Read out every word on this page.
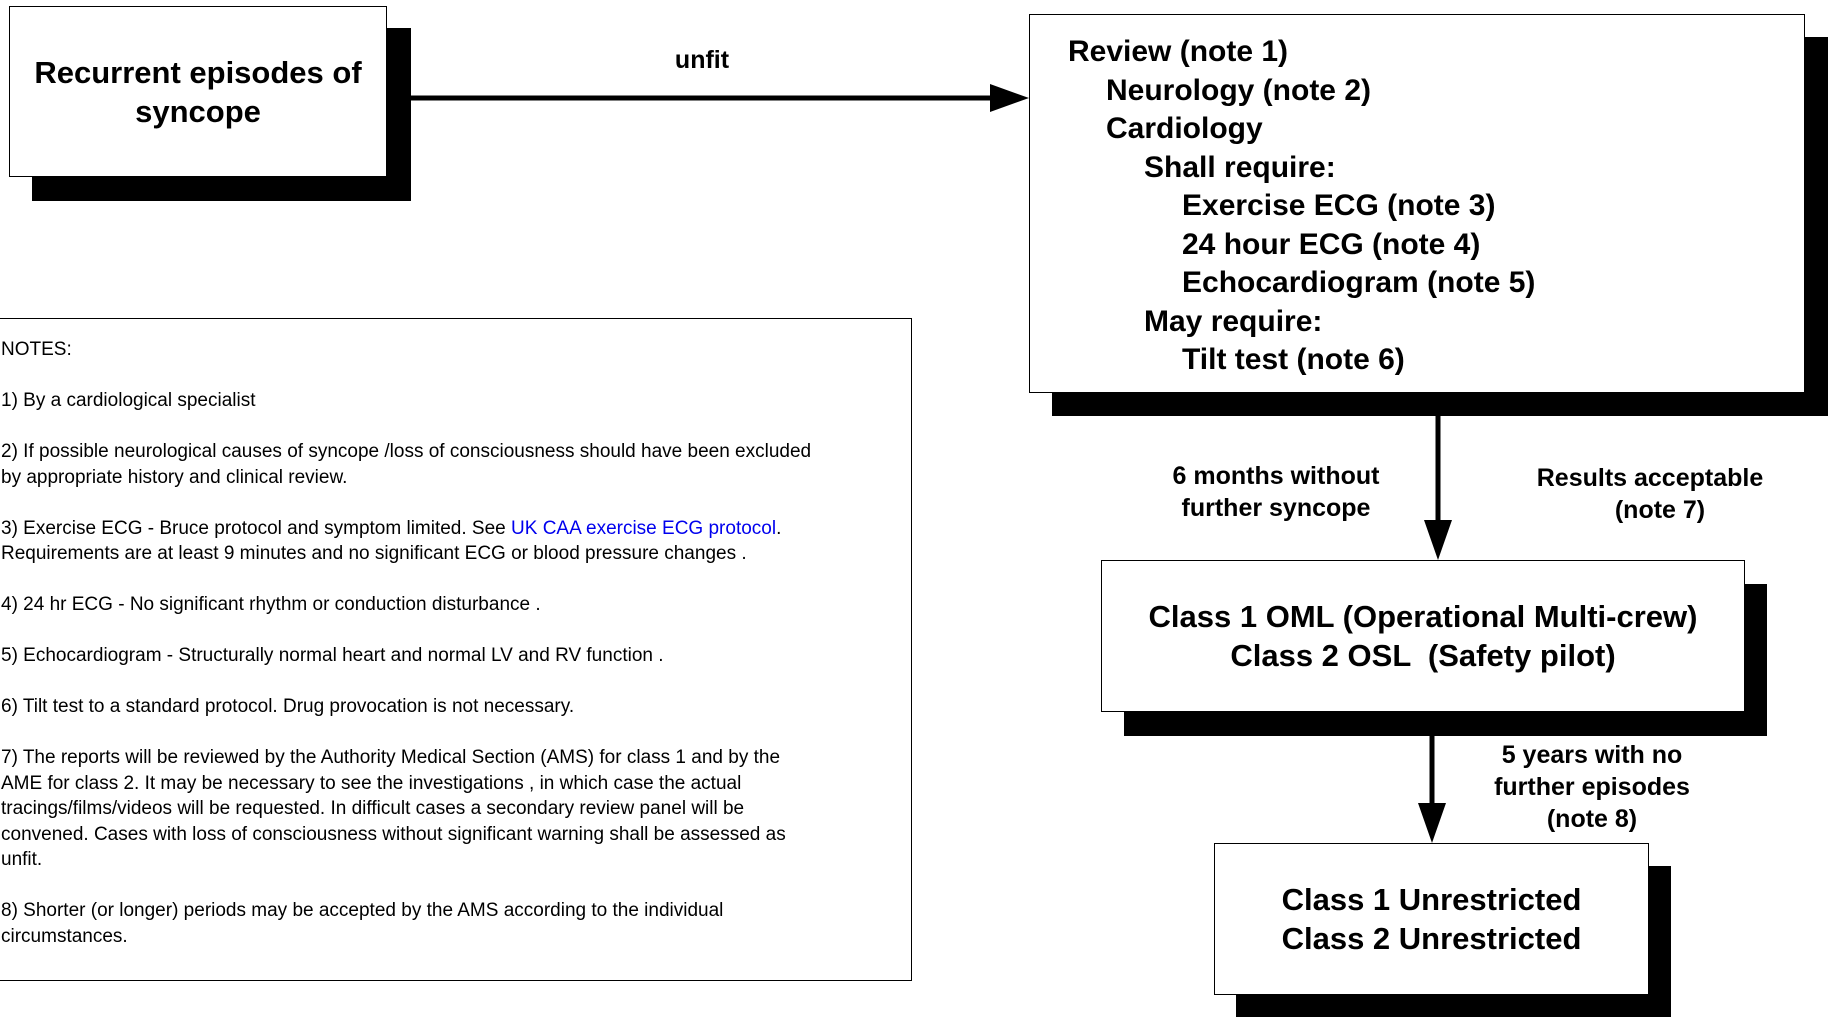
Recurrent episodes of
syncope
Review (note 1)
Neurology (note 2)
Cardiology
Shall require:
Exercise ECG (note 3)
24 hour ECG (note 4)
Echocardiogram (note 5)
May require:
Tilt test (note 6)
Class 1 OML (Operational Multi-crew)
Class 2 OSL  (Safety pilot)
Class 1 Unrestricted
Class 2 Unrestricted
unfit
6 months without
further syncope
Results acceptable
(note 7)
5 years with no
further episodes
(note 8)

NOTES:

1) By a cardiological specialist

2) If possible neurological causes of syncope /loss of consciousness should have been excluded
by appropriate history and clinical review.

3) Exercise ECG - Bruce protocol and symptom limited. See UK CAA exercise ECG protocol.
Requirements are at least 9 minutes and no significant ECG or blood pressure changes .

4) 24 hr ECG - No significant rhythm or conduction disturbance .

5) Echocardiogram - Structurally normal heart and normal LV and RV function .

6) Tilt test to a standard protocol. Drug provocation is not necessary.

7) The reports will be reviewed by the Authority Medical Section (AMS) for class 1 and by the
AME for class 2. It may be necessary to see the investigations , in which case the actual
tracings/films/videos will be requested. In difficult cases a secondary review panel will be
convened. Cases with loss of consciousness without significant warning shall be assessed as
unfit.

8) Shorter (or longer) periods may be accepted by the AMS according to the individual
circumstances.
